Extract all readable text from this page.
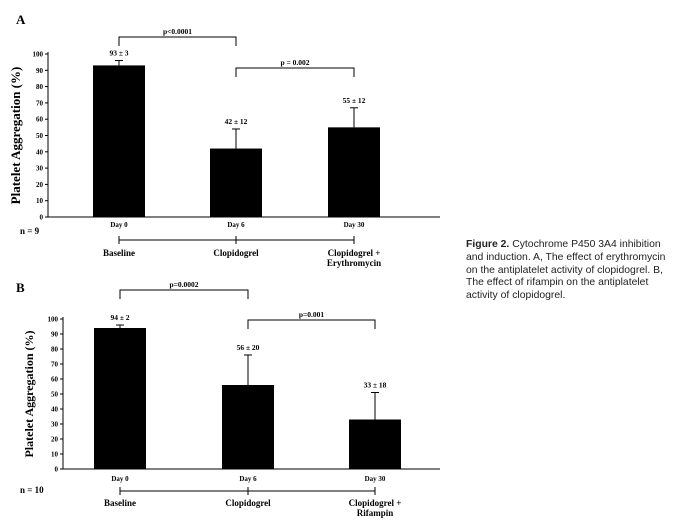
A
Platelet Aggregation (%)
0
10
20
30
40
50
60
70
80
90
100	93 ± 3
Day 0
42 ± 12
Day 6
55 ± 12
Day 30
n = 9
Baseline	Clopidogrel	Clopidogrel +
Erythromycin
p<0.0001
p = 0.002
B
Platelet Aggregation (%)
0
10
20
30
40
50
60
70
80
90
100	94 ± 2
Day 0
56 ± 20
Day 6
33 ± 18
Day 30
n = 10
Baseline	Clopidogrel	Clopidogrel +
Rifampin
p=0.0002
p=0.001
Figure 2. Cytochrome P450 3A4 inhibition and induction. A, The effect of erythromycin on the antiplatelet activity of clopidogrel. B, The effect of rifampin on the antiplatelet activity of clopidogrel.
